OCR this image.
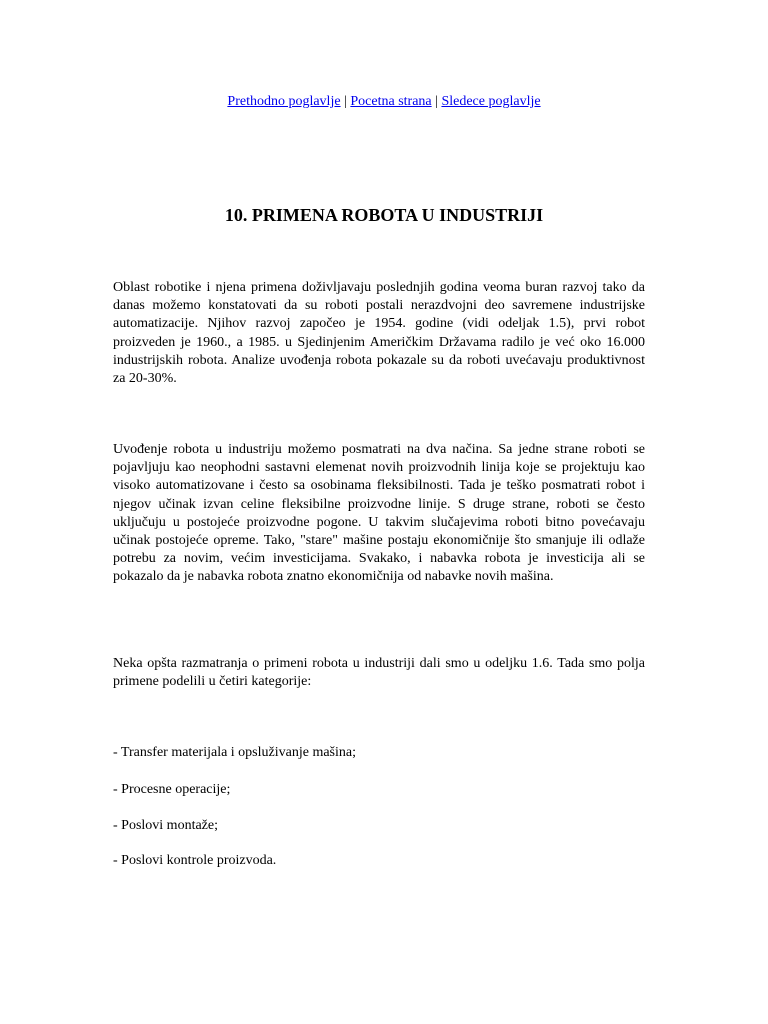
Prethodno poglavlje | Pocetna strana | Sledece poglavlje
10. PRIMENA ROBOTA U INDUSTRIJI

Oblast robotike i njena primena doživljavaju poslednjih godina veoma buran razvoj tako da danas možemo konstatovati da su roboti postali nerazdvojni deo savremene industrijske automatizacije. Njihov razvoj započeo je 1954. godine (vidi odeljak 1.5), prvi robot proizveden je 1960., a 1985. u Sjedinjenim Američkim Državama radilo je već oko 16.000 industrijskih robota. Analize uvođenja robota pokazale su da roboti uvećavaju produktivnost za 20-30%.

Uvođenje robota u industriju možemo posmatrati na dva načina. Sa jedne strane roboti se pojavljuju kao neophodni sastavni elemenat novih proizvodnih linija koje se projektuju kao visoko automatizovane i često sa osobinama fleksibilnosti. Tada je teško posmatrati robot i njegov učinak izvan celine fleksibilne proizvodne linije. S druge strane, roboti se često uključuju u postojeće proizvodne pogone. U takvim slučajevima roboti bitno povećavaju učinak postojeće opreme. Tako, "stare" mašine postaju ekonomičnije što smanjuje ili odlaže potrebu za novim, većim investicijama. Svakako, i nabavka robota je investicija ali se pokazalo da je nabavka robota znatno ekonomičnija od nabavke novih mašina.

Neka opšta razmatranja o primeni robota u industriji dali smo u odeljku 1.6. Tada smo polja primene podelili u četiri kategorije:

- Transfer materijala i opsluživanje mašina;

- Procesne operacije;

- Poslovi montaže;

- Poslovi kontrole proizvoda.
